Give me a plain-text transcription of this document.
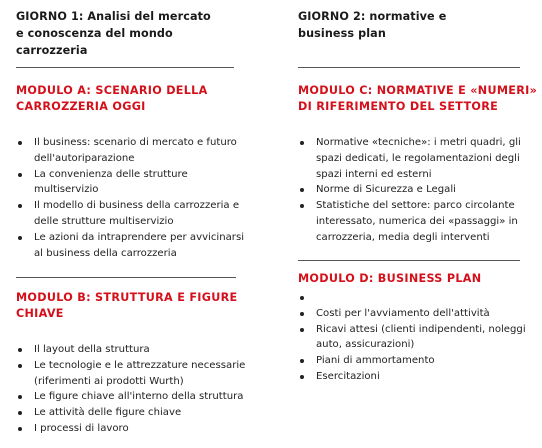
GIORNO 1: Analisi del mercato
e conoscenza del mondo
carrozzeria
MODULO A: SCENARIO DELLA
CARROZZERIA OGGI
Il business: scenario di mercato e futuro
dell'autoriparazione
La convenienza delle strutture
multiservizio
Il modello di business della carrozzeria e
delle strutture multiservizio
Le azioni da intraprendere per avvicinarsi
al business della carrozzeria
MODULO B: STRUTTURA E FIGURE
CHIAVE
Il layout della struttura
Le tecnologie e le attrezzature necessarie
(riferimenti ai prodotti Wurth)
Le figure chiave all'interno della struttura
Le attività delle figure chiave
I processi di lavoro
GIORNO 2: normative e
business plan
MODULO C: NORMATIVE E «NUMERI»
DI RIFERIMENTO DEL SETTORE
Normative «tecniche»: i metri quadri, gli
spazi dedicati, le regolamentazioni degli
spazi interni ed esterni
Norme di Sicurezza e Legali
Statistiche del settore: parco circolante
interessato, numerica dei «passaggi» in
carrozzeria, media degli interventi
MODULO D: BUSINESS PLAN
Costi per l'avviamento dell'attività
Ricavi attesi (clienti indipendenti, noleggi
auto, assicurazioni)
Piani di ammortamento
Esercitazioni
